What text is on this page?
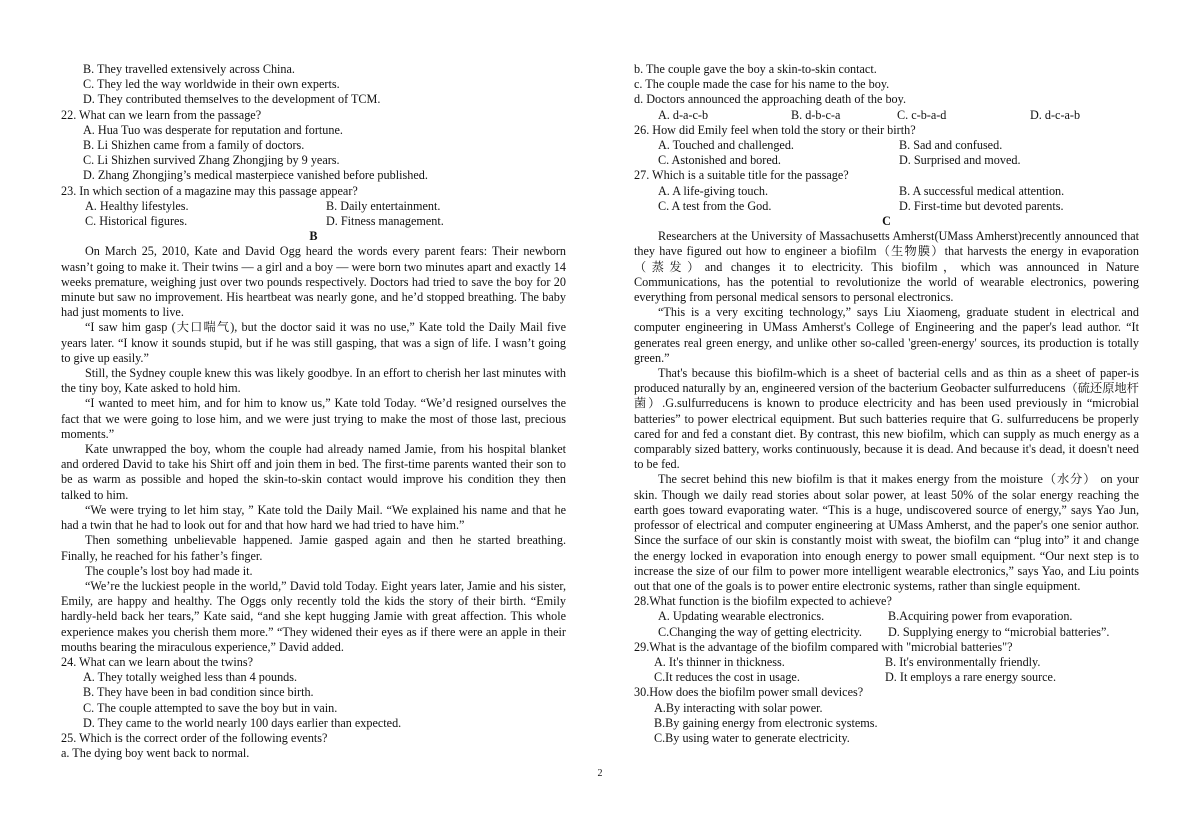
B. They travelled extensively across China.

C. They led the way worldwide in their own experts.

D. They contributed themselves to the development of TCM.

22. What can we learn from the passage?

A. Hua Tuo was desperate for reputation and fortune.

B. Li Shizhen came from a family of doctors.

C. Li Shizhen survived Zhang Zhongjing by 9 years.

D. Zhang Zhongjing’s medical masterpiece vanished before published.

23. In which section of a magazine may this passage appear?

A. Healthy lifestyles.	B. Daily entertainment.
C. Historical figures.	D. Fitness management.

B

On March 25, 2010, Kate and David Ogg heard the words every parent fears: Their newborn wasn’t going to make it. Their twins — a girl and a boy — were born two minutes apart and exactly 14 weeks premature, weighing just over two pounds respectively. Doctors had tried to save the boy for 20 minute but saw no improvement. His heartbeat was nearly gone, and he’d stopped breathing. The baby had just moments to live.

“I saw him gasp (大口喘气), but the doctor said it was no use,” Kate told the Daily Mail five years later. “I know it sounds stupid, but if he was still gasping, that was a sign of life. I wasn’t going to give up easily.”

Still, the Sydney couple knew this was likely goodbye. In an effort to cherish her last minutes with the tiny boy, Kate asked to hold him.

“I wanted to meet him, and for him to know us,” Kate told Today. “We’d resigned ourselves the fact that we were going to lose him, and we were just trying to make the most of those last, precious moments.”

Kate unwrapped the boy, whom the couple had already named Jamie, from his hospital blanket and ordered David to take his Shirt off and join them in bed. The first-time parents wanted their son to be as warm as possible and hoped the skin-to-skin contact would improve his condition they then talked to him.

“We were trying to let him stay, ” Kate told the Daily Mail. “We explained his name and that he had a twin that he had to look out for and that how hard we had tried to have him.”

Then something unbelievable happened. Jamie gasped again and then he started breathing. Finally, he reached for his father’s finger.

The couple’s lost boy had made it.

“We’re the luckiest people in the world,” David told Today. Eight years later, Jamie and his sister, Emily, are happy and healthy. The Oggs only recently told the kids the story of their birth. “Emily hardly-held back her tears,” Kate said, “and she kept hugging Jamie with great affection. This whole experience makes you cherish them more.” “They widened their eyes as if there were an apple in their mouths bearing the miraculous experience,” David added.

24. What can we learn about the twins?

A. They totally weighed less than 4 pounds.

B. They have been in bad condition since birth.

C. The couple attempted to save the boy but in vain.

D. They came to the world nearly 100 days earlier than expected.

25. Which is the correct order of the following events?

a. The dying boy went back to normal.

b. The couple gave the boy a skin-to-skin contact.

c. The couple made the case for his name to the boy.

d. Doctors announced the approaching death of the boy.

A. d-a-c-b	B. d-b-c-a	C. c-b-a-d	D. d-c-a-b

26. How did Emily feel when told the story or their birth?

A. Touched and challenged.	B. Sad and confused.
C. Astonished and bored.	D. Surprised and moved.

27. Which is a suitable title for the passage?

A. A life-giving touch.	B. A successful medical attention.
C. A test from the God.	D. First-time but devoted parents.

C

Researchers at the University of Massachusetts Amherst(UMass Amherst)recently announced that they have figured out how to engineer a biofilm（生物膜）that harvests the energy in evaporation（蒸发）and changes it to electricity. This biofilm，which was announced in Nature Communications, has the potential to revolutionize the world of wearable electronics, powering everything from personal medical sensors to personal electronics.

“This is a very exciting technology,” says Liu Xiaomeng, graduate student in electrical and computer engineering in UMass Amherst's College of Engineering and the paper's lead author. “It generates real green energy, and unlike other so-called 'green-energy' sources, its production is totally green.”

That's because this biofilm-which is a sheet of bacterial cells and as thin as a sheet of paper-is produced naturally by an, engineered version of the bacterium Geobacter sulfurreducens（硫还原地杆菌）.G.sulfurreducens is known to produce electricity and has been used previously in “microbial batteries” to power electrical equipment. But such batteries require that G. sulfurreducens be properly cared for and fed a constant diet. By contrast, this new biofilm, which can supply as much energy as a comparably sized battery, works continuously, because it is dead. And because it's dead, it doesn't need to be fed.

The secret behind this new biofilm is that it makes energy from the moisture（水分） on your skin. Though we daily read stories about solar power, at least 50% of the solar energy reaching the earth goes toward evaporating water. “This is a huge, undiscovered source of energy,” says Yao Jun, professor of electrical and computer engineering at UMass Amherst, and the paper's one senior author. Since the surface of our skin is constantly moist with sweat, the biofilm can “plug into” it and change the energy locked in evaporation into enough energy to power small equipment. “Our next step is to increase the size of our film to power more intelligent wearable electronics,” says Yao, and Liu points out that one of the goals is to power entire electronic systems, rather than single equipment.

28.What function is the biofilm expected to achieve?

A. Updating wearable electronics.	B.Acquiring power from evaporation.
C.Changing the way of getting electricity.	D. Supplying energy to “microbial batteries”.

29.What is the advantage of the biofilm compared with "microbial batteries"?

A. It's thinner in thickness.	B. It's environmentally friendly.
C.It reduces the cost in usage.	D. It employs a rare energy source.

30.How does the biofilm power small devices?

A.By interacting with solar power.

B.By gaining energy from electronic systems.

C.By using water to generate electricity.

2
